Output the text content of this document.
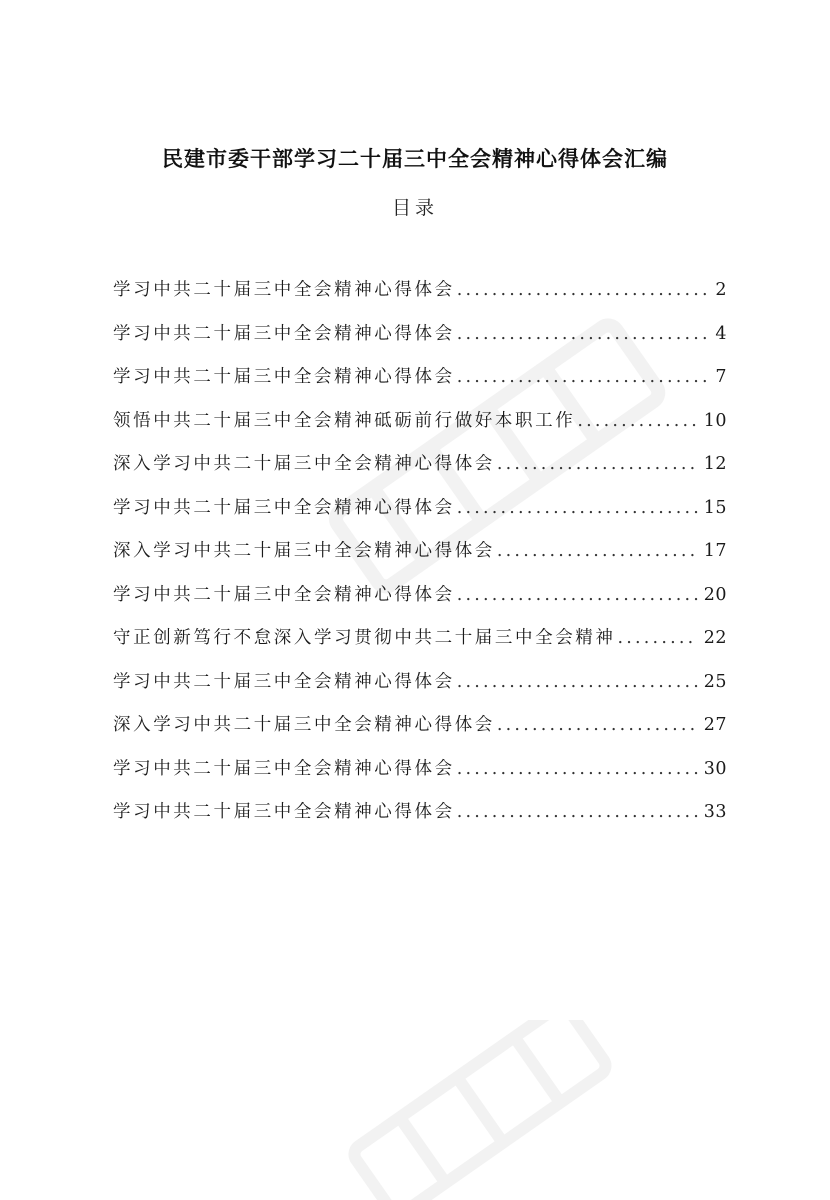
民建市委干部学习二十届三中全会精神心得体会汇编
目录
学习中共二十届三中全会精神心得体会 .....	2
学习中共二十届三中全会精神心得体会 .....	4
学习中共二十届三中全会精神心得体会 .....	7
领悟中共二十届三中全会精神砥砺前行做好本职工作 .....	10
深入学习中共二十届三中全会精神心得体会 .....	12
学习中共二十届三中全会精神心得体会 .....	15
深入学习中共二十届三中全会精神心得体会 .....	17
学习中共二十届三中全会精神心得体会 .....	20
守正创新笃行不怠深入学习贯彻中共二十届三中全会精神 .....	22
学习中共二十届三中全会精神心得体会 .....	25
深入学习中共二十届三中全会精神心得体会 .....	27
学习中共二十届三中全会精神心得体会 .....	30
学习中共二十届三中全会精神心得体会 .....	33
